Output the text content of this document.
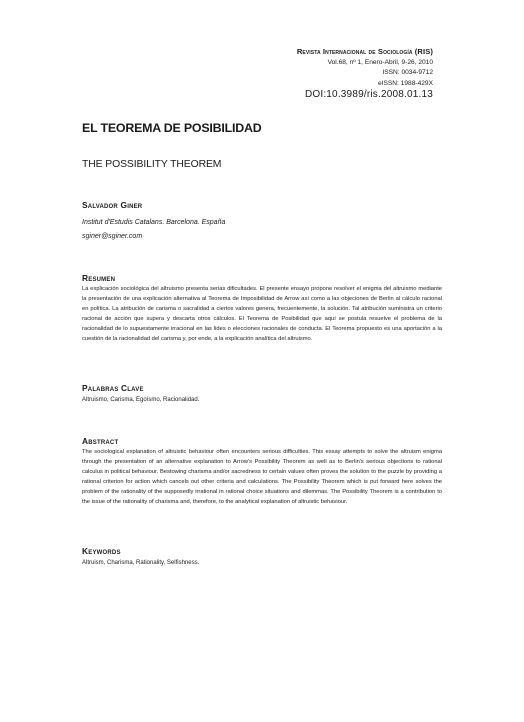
Revista Internacional de Sociología (RIS)
Vol.68, nº 1, Enero-Abril, 9-26, 2010
ISSN: 0034-9712
eISSN: 1988-429X
DOI:10.3989/ris.2008.01.13
EL TEOREMA DE POSIBILIDAD
THE POSSIBILITY THEOREM
Salvador Giner
Institut d'Estudis Catalans. Barcelona. España
sginer@sginer.com
Resumen
La explicación sociológica del altruismo presenta serias dificultades. El presente ensayo propone resolver el enigma del altruismo mediante la presentación de una explicación alternativa al Teorema de Imposibilidad de Arrow así como a las objeciones de Berlin al cálculo racional en política. La atribución de carisma o sacralidad a ciertos valores genera, frecuentemente, la solución. Tal atribución suministra un criterio racional de acción que supera y descarta otros cálculos. El Teorema de Posibilidad que aquí se postula resuelve el problema de la racionalidad de lo supuestamente irracional en las lides o elecciones racionales de conducta. El Teorema propuesto es una aportación a la cuestión de la racionalidad del carisma y, por ende, a la explicación analítica del altruismo.
Palabras Clave
Altruismo, Carisma, Egoísmo, Racionalidad.
Abstract
The sociological explanation of altruistic behaviour often encounters serious difficulties. This essay attempts to solve the altruism enigma through the presentation of an alternative explanation to Arrow's Possibility Theorem as well as to Berlin's serious objections to rational calculus in political behaviour. Bestowing charisma and/or sacredness to certain values often proves the solution to the puzzle by providing a rational criterion for action which cancels out other criteria and calculations. The Possibility Theorem which is put forward here solves the problem of the rationality of the supposedly irrational in rational choice situations and dilemmas. The Possibility Theorem is a contribution to the issue of the rationality of charisma and, therefore, to the analytical explanation of altruistic behaviour.
Keywords
Altruism, Charisma, Rationality, Selfishness.
